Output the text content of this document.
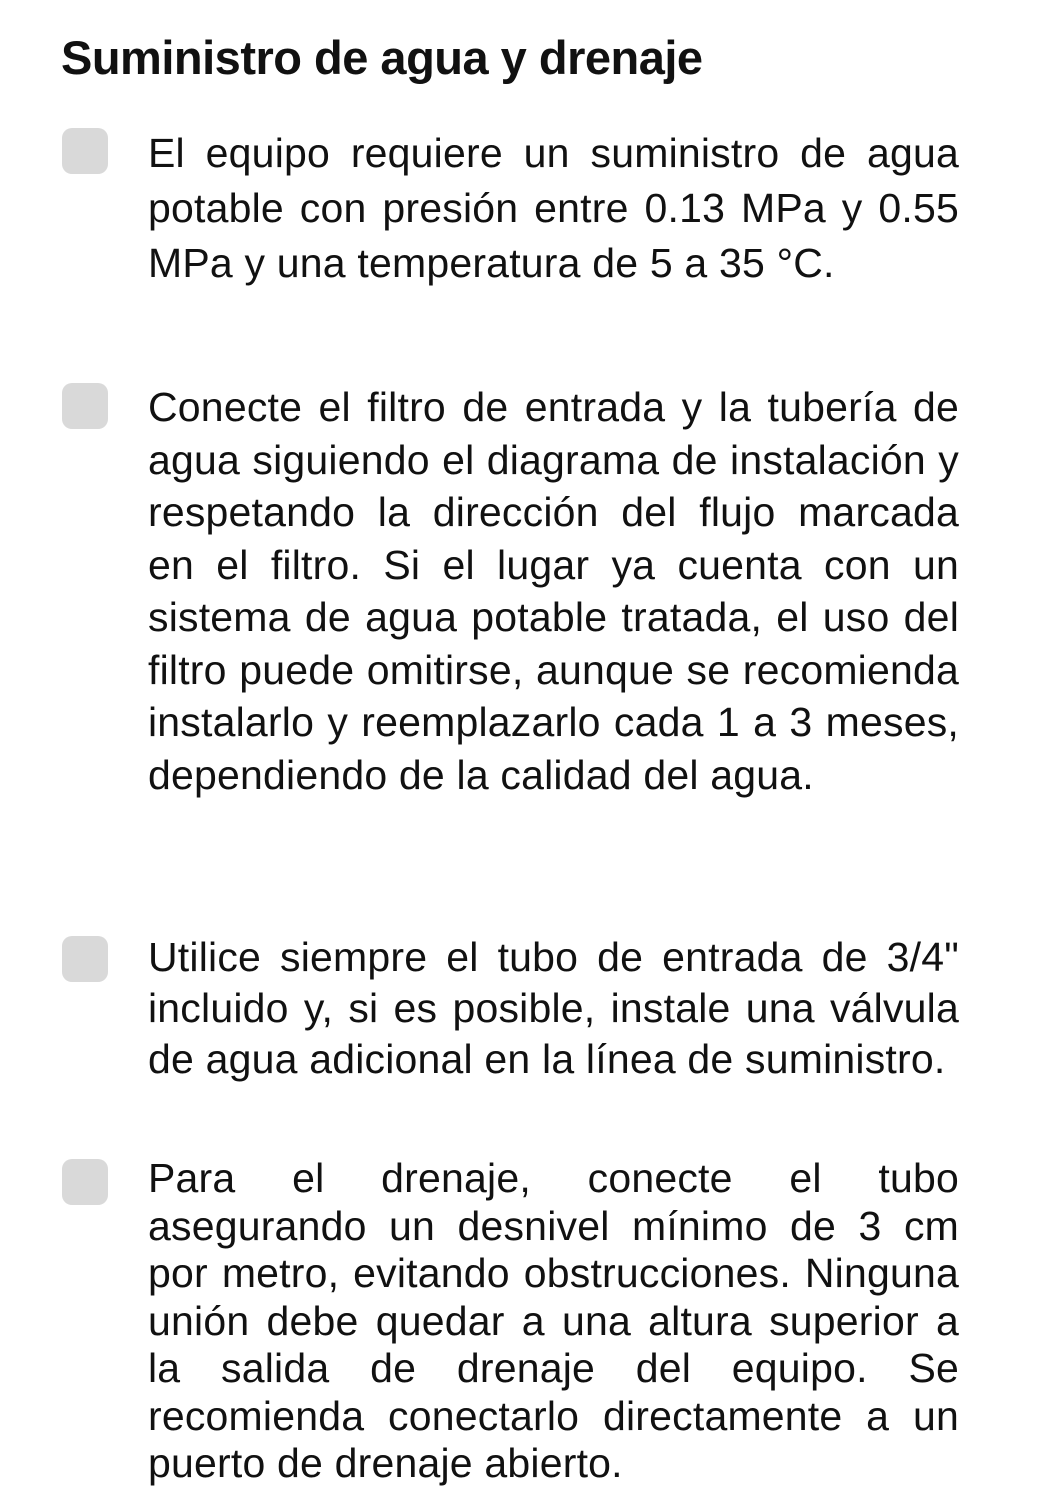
Suministro de agua y drenaje

El equipo requiere un suministro de agua potable con presión entre 0.13 MPa y 0.55 MPa y una temperatura de 5 a 35 °C.

Conecte el filtro de entrada y la tubería de agua siguiendo el diagrama de instalación y respetando la dirección del flujo marcada en el filtro. Si el lugar ya cuenta con un sistema de agua potable tratada, el uso del filtro puede omitirse, aunque se recomienda instalarlo y reemplazarlo cada 1 a 3 meses, dependiendo de la calidad del agua.

Utilice siempre el tubo de entrada de 3/4" incluido y, si es posible, instale una válvula de agua adicional en la línea de suministro.

Para el drenaje, conecte el tubo asegurando un desnivel mínimo de 3 cm por metro, evitando obstrucciones. Ninguna unión debe quedar a una altura superior a la salida de drenaje del equipo. Se recomienda conectarlo directamente a un puerto de drenaje abierto.
